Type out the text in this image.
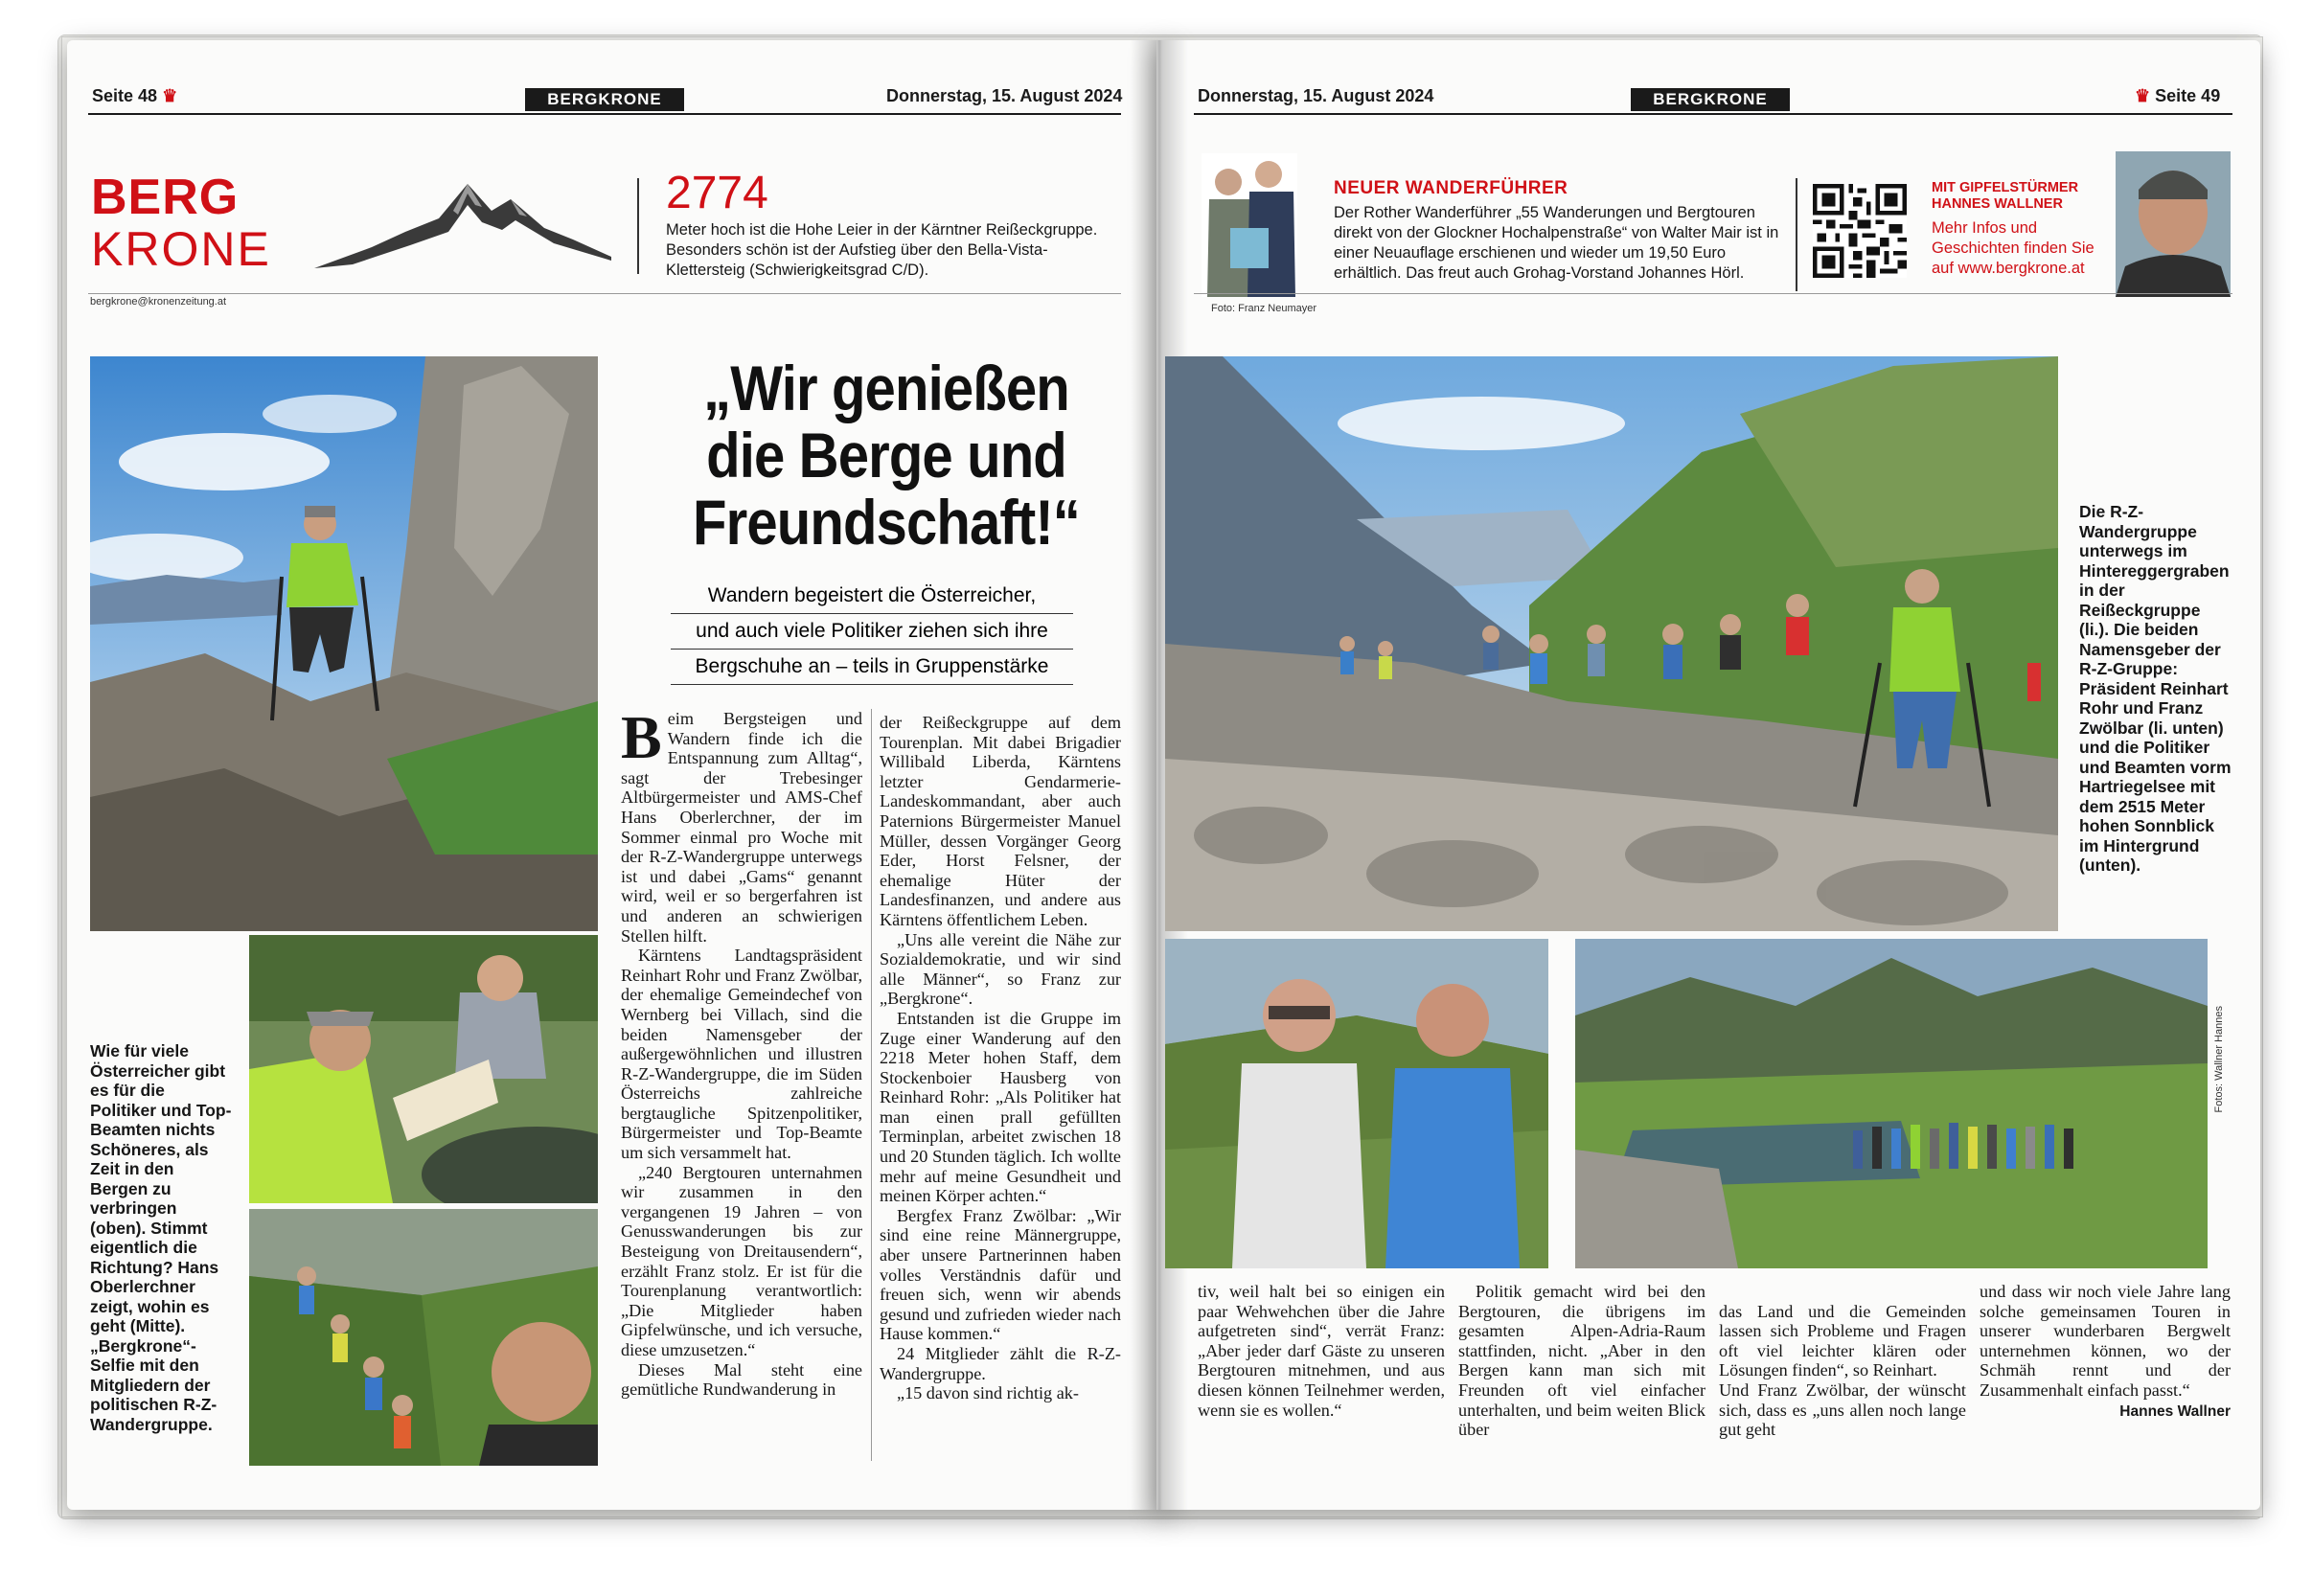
Seite 48 ♛	BERGKRONE	Donnerstag, 15. August 2024
BERG
KRONE
2774
Meter hoch ist die Hohe Leier in der Kärntner Reißeckgruppe. Besonders schön ist der Aufstieg über den Bella-Vista-Klettersteig (Schwierigkeitsgrad C/D).
bergkrone@kronenzeitung.at
„Wir genießen die Berge und Freundschaft!“
Wandern begeistert die Österreicher,
und auch viele Politiker ziehen sich ihre
Bergschuhe an – teils in Gruppenstärke
B eim Bergsteigen und Wandern finde ich die Entspannung zum Alltag“, sagt der Trebesinger Altbürgermeister und AMS-Chef Hans Oberlerchner, der im Sommer einmal pro Woche mit der R-Z-Wandergruppe unterwegs ist und dabei „Gams“ genannt wird, weil er so bergerfahren ist und anderen an schwierigen Stellen hilft.

Kärntens Landtagspräsident Reinhart Rohr und Franz Zwölbar, der ehemalige Gemeindechef von Wernberg bei Villach, sind die beiden Namensgeber der außergewöhnlichen und illustren R-Z-Wandergruppe, die im Süden Österreichs zahlreiche bergtaugliche Spitzenpolitiker, Bürgermeister und Top-Beamte um sich versammelt hat.

„240 Bergtouren unternahmen wir zusammen in den vergangenen 19 Jahren – von Genusswanderungen bis zur Besteigung von Dreitausendern“, erzählt Franz stolz. Er ist für die Tourenplanung verantwortlich: „Die Mitglieder haben Gipfelwünsche, und ich versuche, diese umzusetzen.“

Dieses Mal steht eine gemütliche Rundwanderung in

der Reißeckgruppe auf dem Tourenplan. Mit dabei Brigadier Willibald Liberda, Kärntens letzter Gendarmerie-Landeskommandant, aber auch Paternions Bürgermeister Manuel Müller, dessen Vorgänger Georg Eder, Horst Felsner, der ehemalige Hüter der Landesfinanzen, und andere aus Kärntens öffentlichem Leben.

„Uns alle vereint die Nähe zur Sozialdemokratie, und wir sind alle Männer“, so Franz zur „Bergkrone“.

Entstanden ist die Gruppe im Zuge einer Wanderung auf den 2218 Meter hohen Staff, dem Stockenboier Hausberg von Reinhard Rohr: „Als Politiker hat man einen prall gefüllten Terminplan, arbeitet zwischen 18 und 20 Stunden täglich. Ich wollte mehr auf meine Gesundheit und meinen Körper achten.“

Bergfex Franz Zwölbar: „Wir sind eine reine Männergruppe, aber unsere Partnerinnen haben volles Verständnis dafür und freuen sich, wenn wir abends gesund und zufrieden wieder nach Hause kommen.“

24 Mitglieder zählt die R-Z-Wandergruppe.

„15 davon sind richtig ak-

Wie für viele Österreicher gibt es für die Politiker und Top-Beamten nichts Schöneres, als Zeit in den Bergen zu verbringen (oben). Stimmt eigentlich die Richtung? Hans Oberlerchner zeigt, wohin es geht (Mitte). „Bergkrone“-Selfie mit den Mitgliedern der politischen R-Z-Wandergruppe.
Donnerstag, 15. August 2024	BERGKRONE	♛ Seite 49
Foto: Franz Neumayer
NEUER WANDERFÜHRER
Der Rother Wanderführer „55 Wanderungen und Bergtouren direkt von der Glockner Hochalpenstraße“ von Walter Mair ist in einer Neuauflage erschienen und wieder um 19,50 Euro erhältlich. Das freut auch Grohag-Vorstand Johannes Hörl.
MIT GIPFELSTÜRMER
HANNES WALLNER
Mehr Infos und
Geschichten finden Sie
auf www.bergkrone.at
Die R-Z-Wandergruppe unterwegs im Hintereggergraben in der Reißeckgruppe (li.). Die beiden Namensgeber der R-Z-Gruppe: Präsident Reinhart Rohr und Franz Zwölbar (li. unten) und die Politiker und Beamten vorm Hartriegelsee mit dem 2515 Meter hohen Sonnblick im Hintergrund (unten).
Fotos: Wallner Hannes

tiv, weil halt bei so einigen ein paar Wehwehchen über die Jahre aufgetreten sind“, verrät Franz: „Aber jeder darf Gäste zu unseren Bergtouren mitnehmen, und aus diesen können Teilnehmer werden, wenn sie es wollen.“

Politik gemacht wird bei den Bergtouren, die übrigens im gesamten Alpen-Adria-Raum stattfinden, nicht. „Aber in den Bergen kann man sich mit Freunden oft viel einfacher unterhalten, und beim weiten Blick über

das Land und die Gemeinden lassen sich Probleme und Fragen oft viel leichter klären oder Lösungen finden“, so Reinhart.
Und Franz Zwölbar, der wünscht sich, dass es „uns allen noch lange gut geht

und dass wir noch viele Jahre lang solche gemeinsamen Touren in unserer wunderbaren Bergwelt unternehmen können, wo der Schmäh rennt und der Zusammenhalt einfach passt.“

Hannes Wallner
